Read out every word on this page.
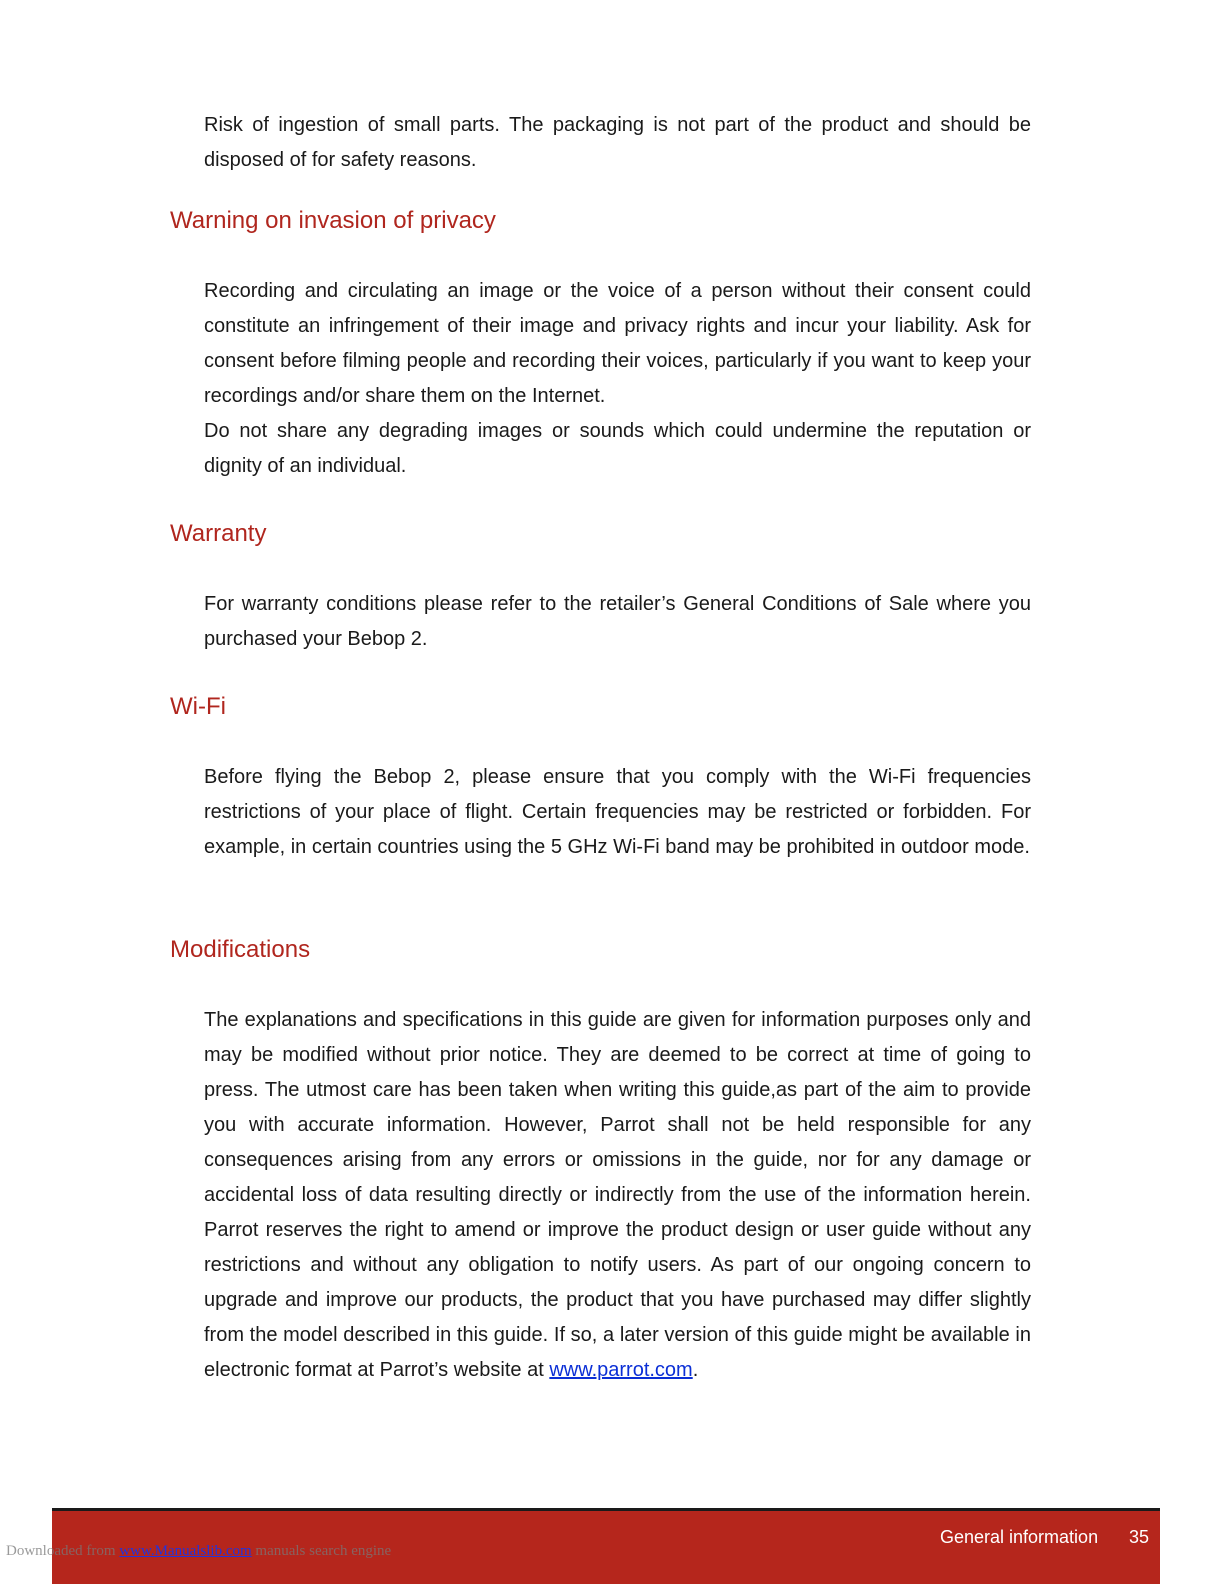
Risk of ingestion of small parts. The packaging is not part of the product and should be disposed of for safety reasons.

Warning on invasion of privacy

Recording and circulating an image or the voice of a person without their consent could constitute an infringement of their image and privacy rights and incur your liability. Ask for consent before filming people and recording their voices, particularly if you want to keep your recordings and/or share them on the Internet.

Do not share any degrading images or sounds which could undermine the reputation or dignity of an individual.

Warranty

For warranty conditions please refer to the retailer’s General Conditions of Sale where you purchased your Bebop 2.

Wi-Fi

Before flying the Bebop 2, please ensure that you comply with the Wi-Fi frequencies restrictions of your place of flight. Certain frequencies may be restricted or forbidden. For example, in certain countries using the 5 GHz Wi-Fi band may be prohibited in outdoor mode.

Modifications

The explanations and specifications in this guide are given for information purposes only and may be modified without prior notice. They are deemed to be correct at time of going to press. The utmost care has been taken when writing this guide,as part of the aim to provide you with accurate information. However, Parrot shall not be held responsible for any consequences arising from any errors or omissions in the guide, nor for any damage or accidental loss of data resulting directly or indirectly from the use of the information herein. Parrot reserves the right to amend or improve the product design or user guide without any restrictions and without any obligation to notify users. As part of our ongoing concern to upgrade and improve our products, the product that you have purchased may differ slightly from the model described in this guide. If so, a later version of this guide might be available in electronic format at Parrot’s website at www.parrot.com.

General information 35
Downloaded from www.Manualslib.com manuals search engine
